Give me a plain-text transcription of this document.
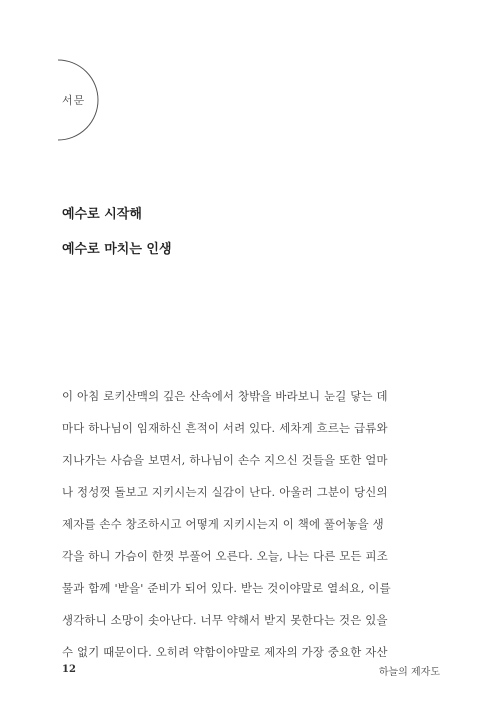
서문
예수로 시작해
예수로 마치는 인생
이 아침 로키산맥의 깊은 산속에서 창밖을 바라보니 눈길 닿는 데
마다 하나님이 임재하신 흔적이 서려 있다. 세차게 흐르는 급류와
지나가는 사슴을 보면서, 하나님이 손수 지으신 것들을 또한 얼마
나 정성껏 돌보고 지키시는지 실감이 난다. 아울러 그분이 당신의
제자를 손수 창조하시고 어떻게 지키시는지 이 책에 풀어놓을 생
각을 하니 가슴이 한껏 부풀어 오른다. 오늘, 나는 다른 모든 피조
물과 함께 '받을' 준비가 되어 있다. 받는 것이야말로 열쇠요, 이를
생각하니 소망이 솟아난다. 너무 약해서 받지 못한다는 것은 있을
수 없기 때문이다. 오히려 약함이야말로 제자의 가장 중요한 자산
12	하늘의 제자도
